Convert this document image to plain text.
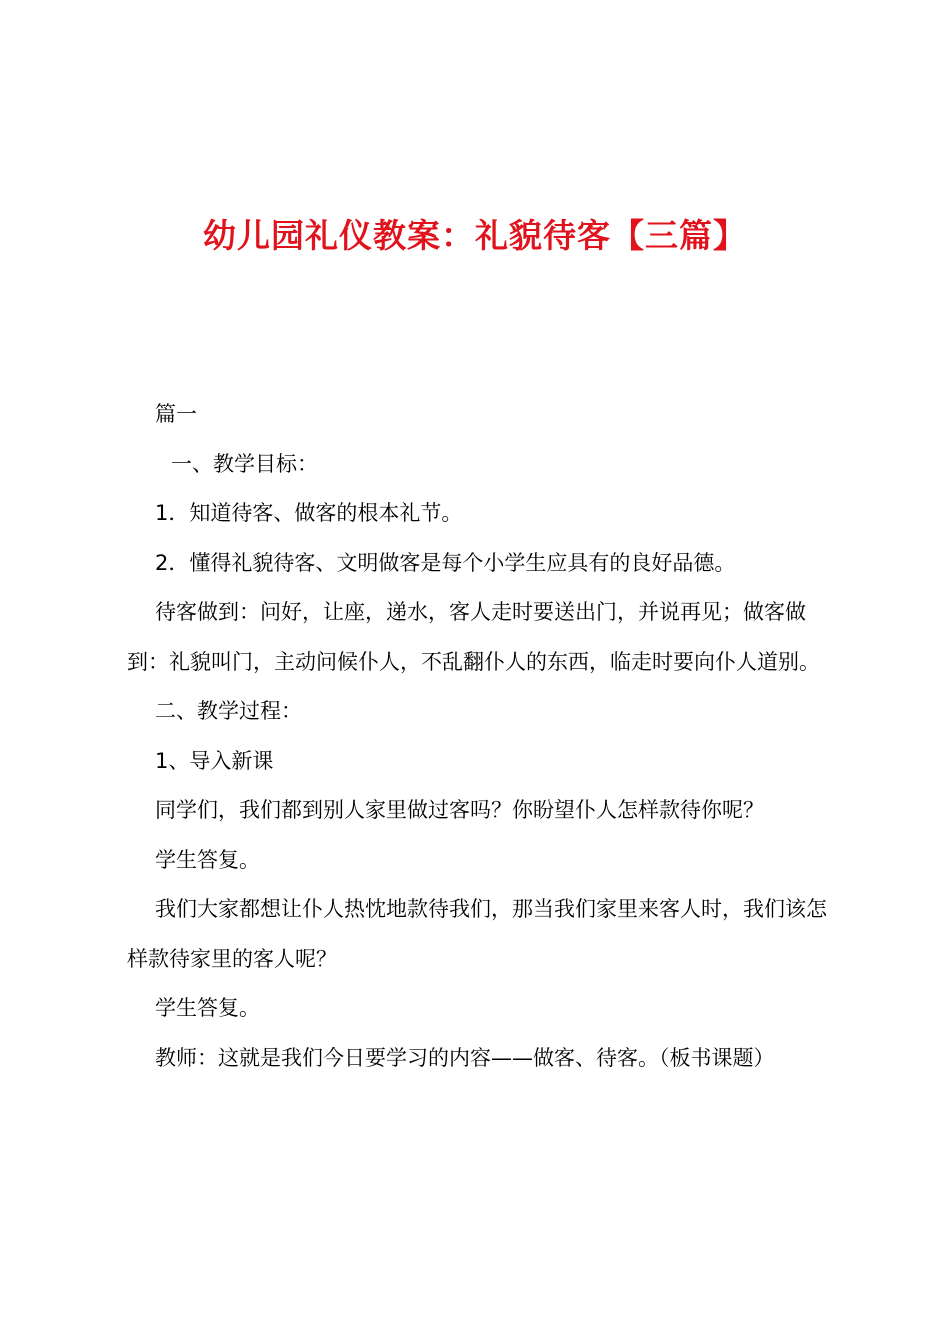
幼儿园礼仪教案：礼貌待客【三篇】

篇一

一、教学目标：

1．知道待客、做客的根本礼节。

2．懂得礼貌待客、文明做客是每个小学生应具有的良好品德。

待客做到：问好，让座，递水，客人走时要送出门，并说再见；做客做到：礼貌叫门，主动问候仆人，不乱翻仆人的东西，临走时要向仆人道别。

二、教学过程：

1、导入新课

同学们，我们都到别人家里做过客吗？你盼望仆人怎样款待你呢？

学生答复。

我们大家都想让仆人热忱地款待我们，那当我们家里来客人时，我们该怎样款待家里的客人呢？

学生答复。

教师：这就是我们今日要学习的内容——做客、待客。（板书课题）
